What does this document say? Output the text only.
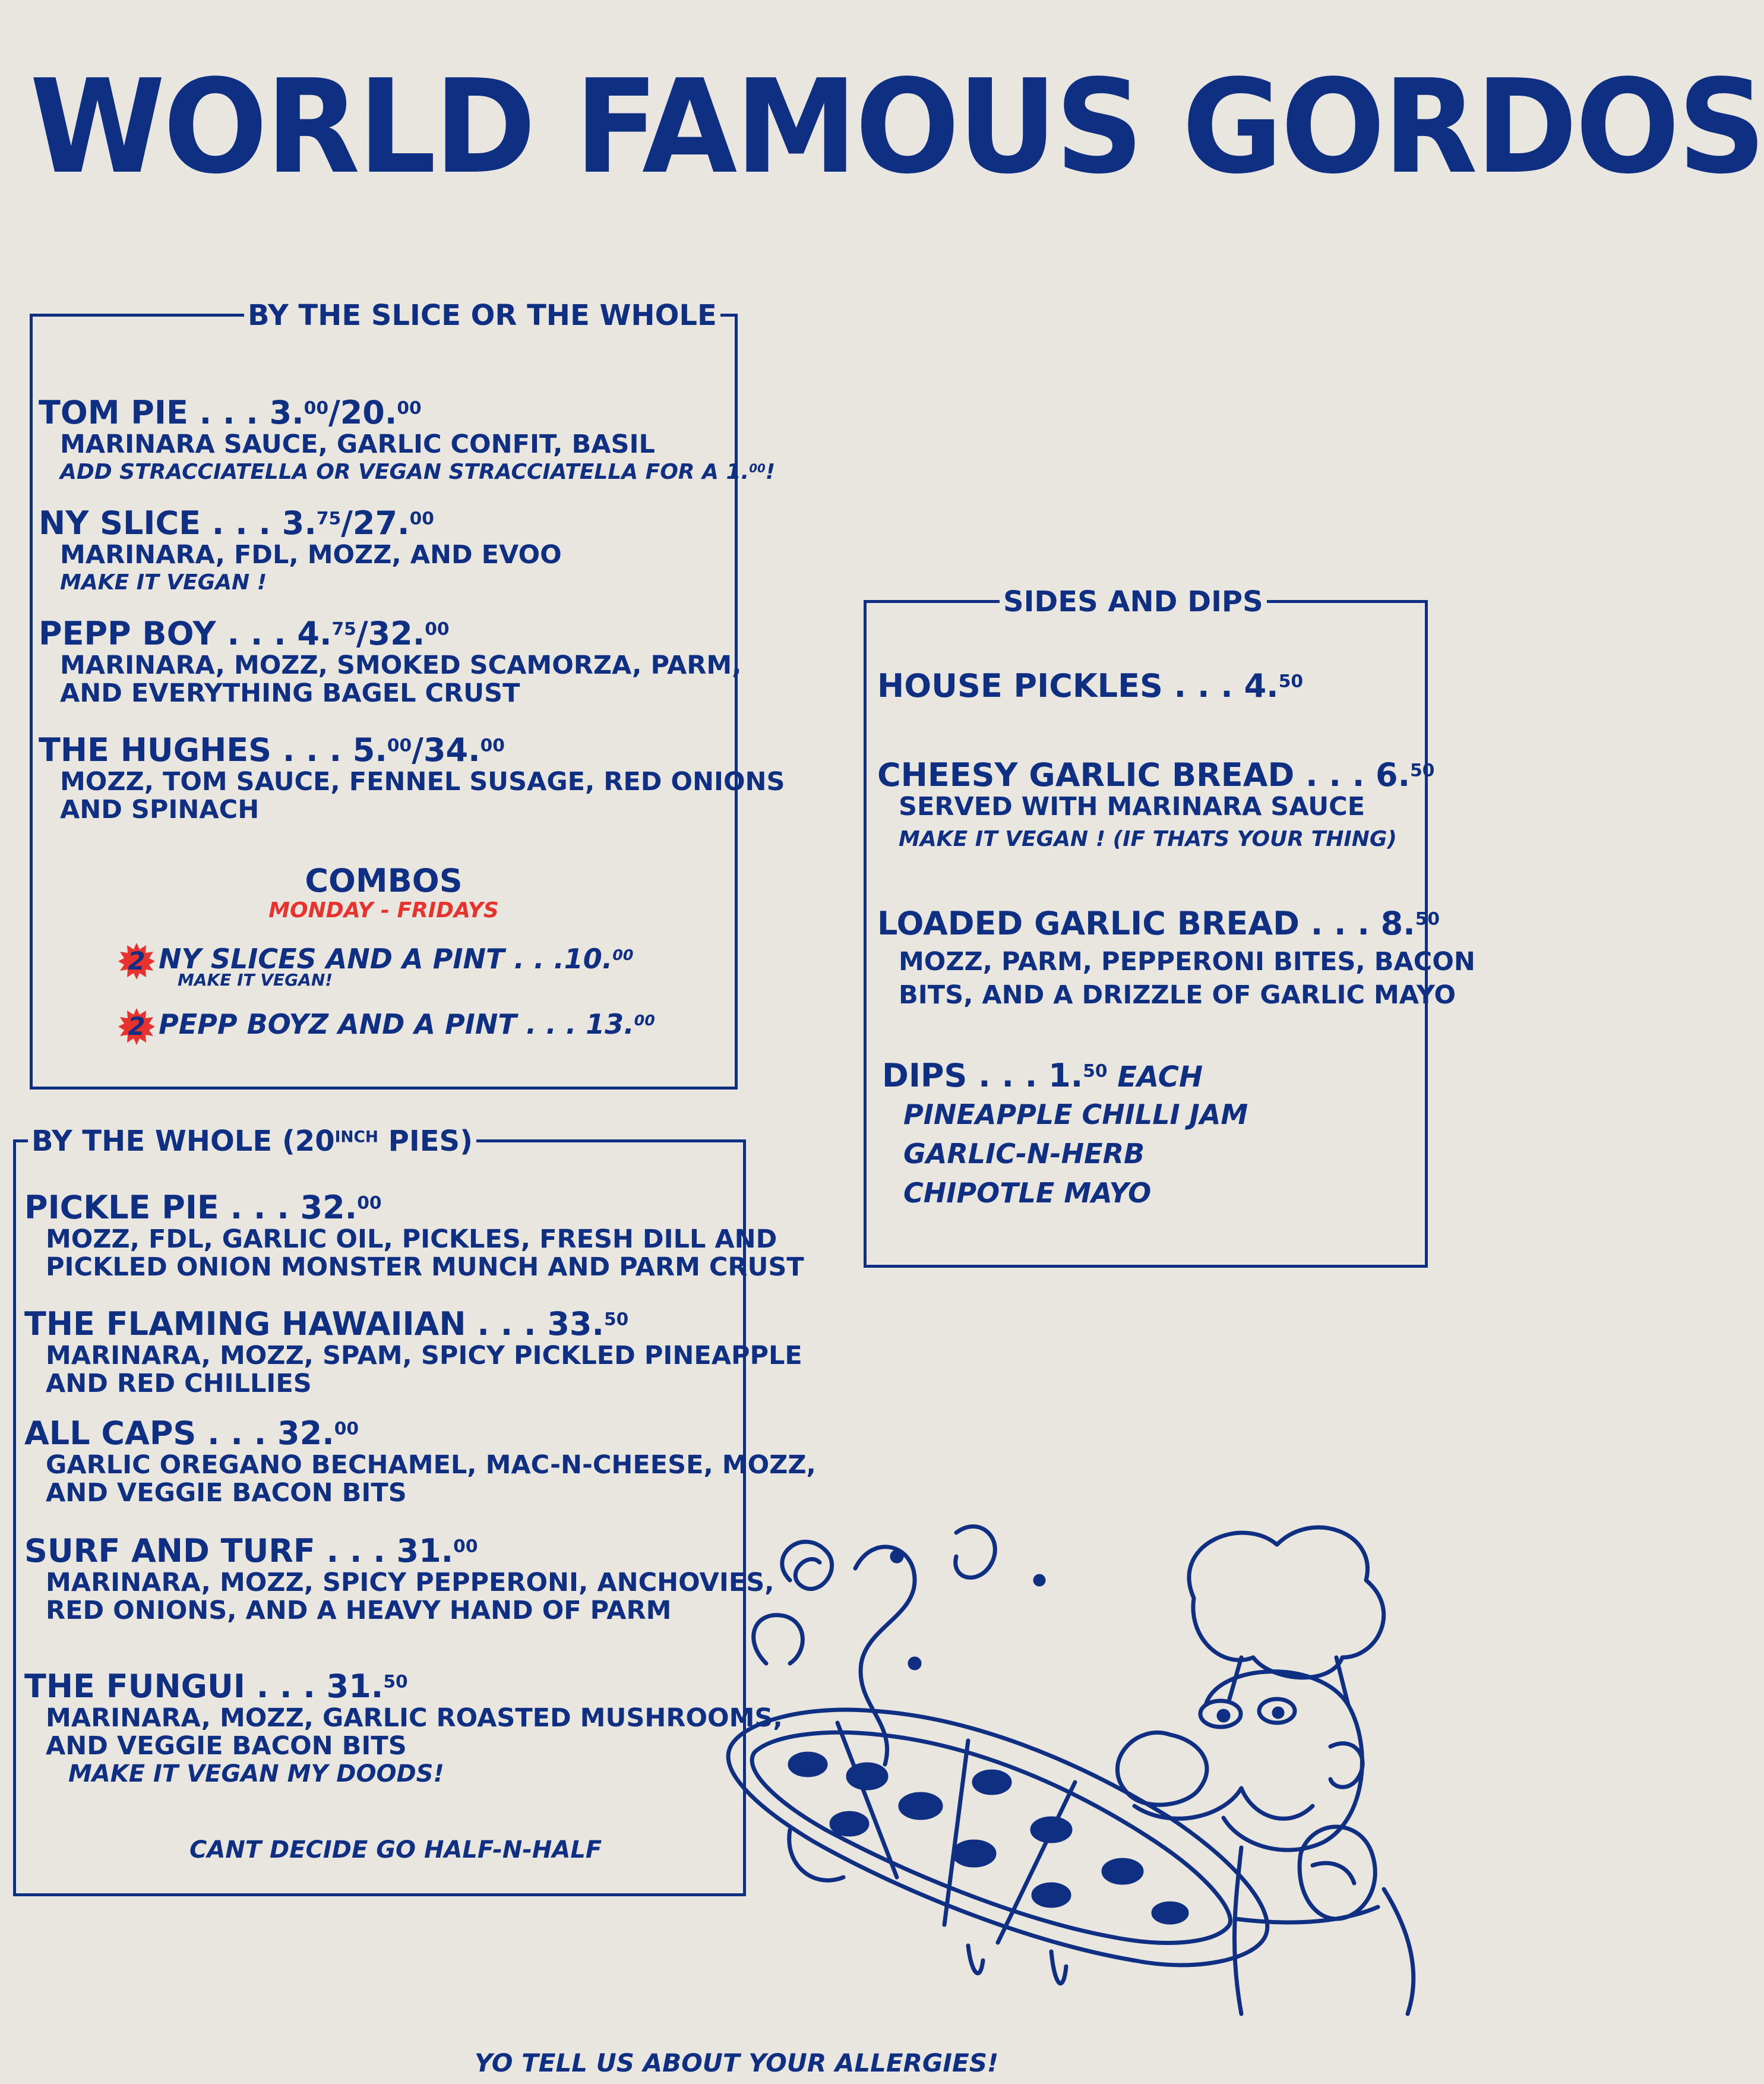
WORLD FAMOUS GORDOS
BY THE SLICE OR THE WHOLE
TOM PIE . . . 3.00/20.00
MARINARA SAUCE, GARLIC CONFIT, BASIL
ADD STRACCIATELLA OR VEGAN STRACCIATELLA FOR A 1.00!
NY SLICE . . . 3.75/27.00
MARINARA, FDL, MOZZ, AND EVOO
MAKE IT VEGAN !
PEPP BOY . . . 4.75/32.00
MARINARA, MOZZ, SMOKED SCAMORZA, PARM,
AND EVERYTHING BAGEL CRUST
THE HUGHES . . . 5.00/34.00
MOZZ, TOM SAUCE, FENNEL SUSAGE, RED ONIONS
AND SPINACH
COMBOS
MONDAY - FRIDAYS
2 NY SLICES AND A PINT . . .10.00
MAKE IT VEGAN!
2 PEPP BOYZ AND A PINT . . . 13.00
BY THE WHOLE ($20^{INCH}$ PIES)
PICKLE PIE . . . 32.00
MOZZ, FDL, GARLIC OIL, PICKLES, FRESH DILL AND
PICKLED ONION MONSTER MUNCH AND PARM CRUST
THE FLAMING HAWAIIAN . . . 33.50
MARINARA, MOZZ, SPAM, SPICY PICKLED PINEAPPLE
AND RED CHILLIES
ALL CAPS . . . 32.00
GARLIC OREGANO BECHAMEL, MAC-N-CHEESE, MOZZ,
AND VEGGIE BACON BITS
SURF AND TURF . . . 31.00
MARINARA, MOZZ, SPICY PEPPERONI, ANCHOVIES,
RED ONIONS, AND A HEAVY HAND OF PARM
THE FUNGUI . . . 31.50
MARINARA, MOZZ, GARLIC ROASTED MUSHROOMS,
AND VEGGIE BACON BITS
MAKE IT VEGAN MY DOODS!
CANT DECIDE GO HALF-N-HALF
SIDES AND DIPS
HOUSE PICKLES . . . 4.50
CHEESY GARLIC BREAD . . . 6.50
SERVED WITH MARINARA SAUCE
MAKE IT VEGAN ! (IF THATS YOUR THING)
LOADED GARLIC BREAD . . . 8.50
MOZZ, PARM, PEPPERONI BITES, BACON
BITS, AND A DRIZZLE OF GARLIC MAYO
DIPS . . . 1.50 EACH
PINEAPPLE CHILLI JAM
GARLIC-N-HERB
CHIPOTLE MAYO
YO TELL US ABOUT YOUR ALLERGIES!
